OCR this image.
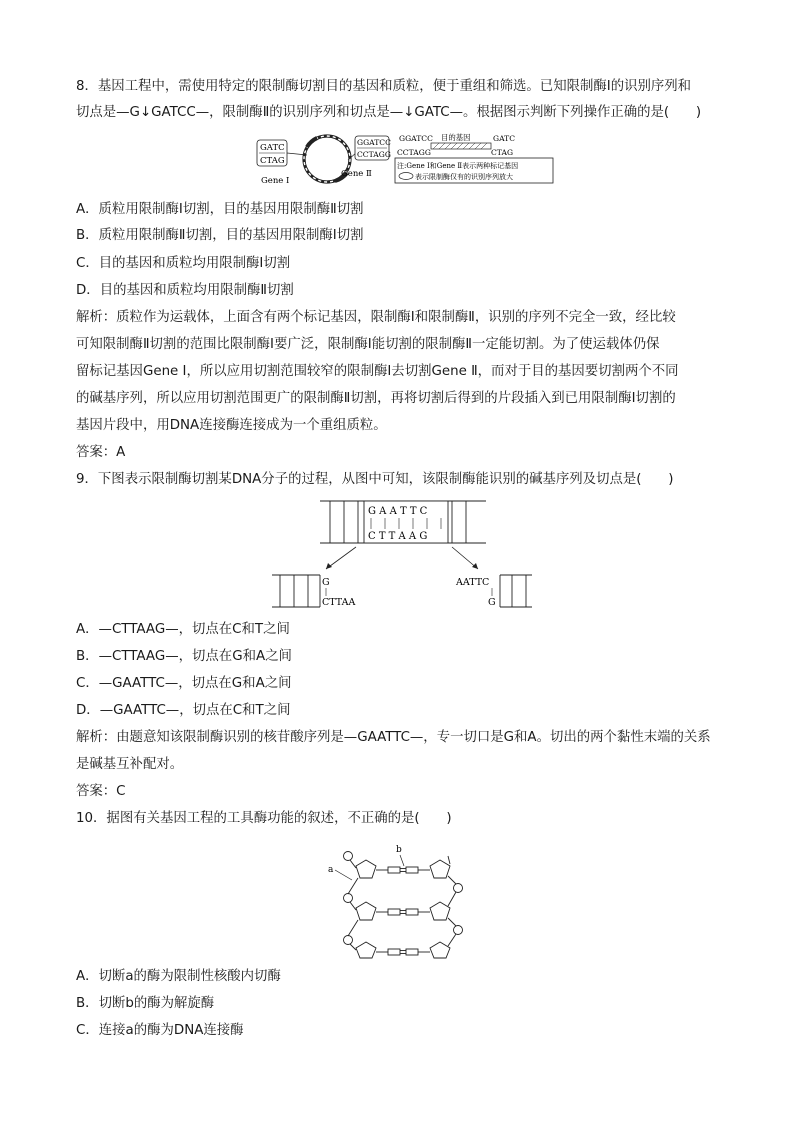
8．基因工程中，需使用特定的限制酶切割目的基因和质粒，便于重组和筛选。已知限制酶Ⅰ的识别序列和
切点是—G↓GATCC—，限制酶Ⅱ的识别序列和切点是—↓GATC—。根据图示判断下列操作正确的是(　　)
GATC
CTAG
Gene Ⅰ
Gene Ⅱ
GGATCC
CCTAGG
GGATCC
CCTAGG
目的基因	GATC
CTAG
注:Gene Ⅰ和Gene Ⅱ表示两种标记基因
表示限制酶仅有的识别序列放大
A．质粒用限制酶Ⅰ切割，目的基因用限制酶Ⅱ切割
B．质粒用限制酶Ⅱ切割，目的基因用限制酶Ⅰ切割
C．目的基因和质粒均用限制酶Ⅰ切割
D．目的基因和质粒均用限制酶Ⅱ切割
解析：质粒作为运载体，上面含有两个标记基因，限制酶Ⅰ和限制酶Ⅱ，识别的序列不完全一致，经比较
可知限制酶Ⅱ切割的范围比限制酶Ⅰ要广泛，限制酶Ⅰ能切割的限制酶Ⅱ一定能切割。为了使运载体仍保
留标记基因Gene Ⅰ，所以应用切割范围较窄的限制酶Ⅰ去切割Gene Ⅱ，而对于目的基因要切割两个不同
的碱基序列，所以应用切割范围更广的限制酶Ⅱ切割，再将切割后得到的片段插入到已用限制酶Ⅰ切割的
基因片段中，用DNA连接酶连接成为一个重组质粒。
答案：A
9．下图表示限制酶切割某DNA分子的过程，从图中可知，该限制酶能识别的碱基序列及切点是(　　)
G A A T T C
C T T A A G
G
CTTAA
AATTC
G
A．—CTTAAG—，切点在C和T之间
B．—CTTAAG—，切点在G和A之间
C．—GAATTC—，切点在G和A之间
D．—GAATTC—，切点在C和T之间
解析：由题意知该限制酶识别的核苷酸序列是—GAATTC—，专一切口是G和A。切出的两个黏性末端的关系
是碱基互补配对。
答案：C
10．据图有关基因工程的工具酶功能的叙述，不正确的是(　　)
a
b
A．切断a的酶为限制性核酸内切酶
B．切断b的酶为解旋酶
C．连接a的酶为DNA连接酶
